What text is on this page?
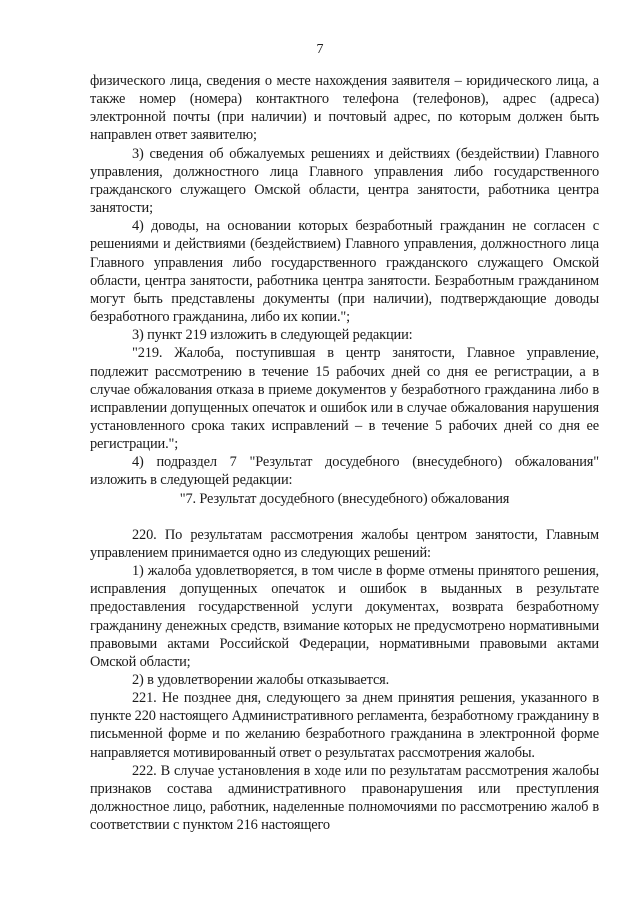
7

физического лица, сведения о месте нахождения заявителя – юридического лица, а также номер (номера) контактного телефона (телефонов), адрес (адреса) электронной почты (при наличии) и почтовый адрес, по которым должен быть направлен ответ заявителю;

3) сведения об обжалуемых решениях и действиях (бездействии) Главного управления, должностного лица Главного управления либо государственного гражданского служащего Омской области, центра занятости, работника центра занятости;

4) доводы, на основании которых безработный гражданин не согласен с решениями и действиями (бездействием) Главного управления, должностного лица Главного управления либо государственного гражданского служащего Омской области, центра занятости, работника центра занятости. Безработным гражданином могут быть представлены документы (при наличии), подтверждающие доводы безработного гражданина, либо их копии.";

3) пункт 219 изложить в следующей редакции:

"219. Жалоба, поступившая в центр занятости, Главное управление, подлежит рассмотрению в течение 15 рабочих дней со дня ее регистрации, а в случае обжалования отказа в приеме документов у безработного гражданина либо в исправлении допущенных опечаток и ошибок или в случае обжалования нарушения установленного срока таких исправлений – в течение 5 рабочих дней со дня ее регистрации.";

4) подраздел 7 "Результат досудебного (внесудебного) обжалования" изложить в следующей редакции:

"7. Результат досудебного (внесудебного) обжалования

220. По результатам рассмотрения жалобы центром занятости, Главным управлением принимается одно из следующих решений:

1) жалоба удовлетворяется, в том числе в форме отмены принятого решения, исправления допущенных опечаток и ошибок в выданных в результате предоставления государственной услуги документах, возврата безработному гражданину денежных средств, взимание которых не предусмотрено нормативными правовыми актами Российской Федерации, нормативными правовыми актами Омской области;

2) в удовлетворении жалобы отказывается.

221. Не позднее дня, следующего за днем принятия решения, указанного в пункте 220 настоящего Административного регламента, безработному гражданину в письменной форме и по желанию безработного гражданина в электронной форме направляется мотивированный ответ о результатах рассмотрения жалобы.

222. В случае установления в ходе или по результатам рассмотрения жалобы признаков состава административного правонарушения или преступления должностное лицо, работник, наделенные полномочиями по рассмотрению жалоб в соответствии с пунктом 216 настоящего
